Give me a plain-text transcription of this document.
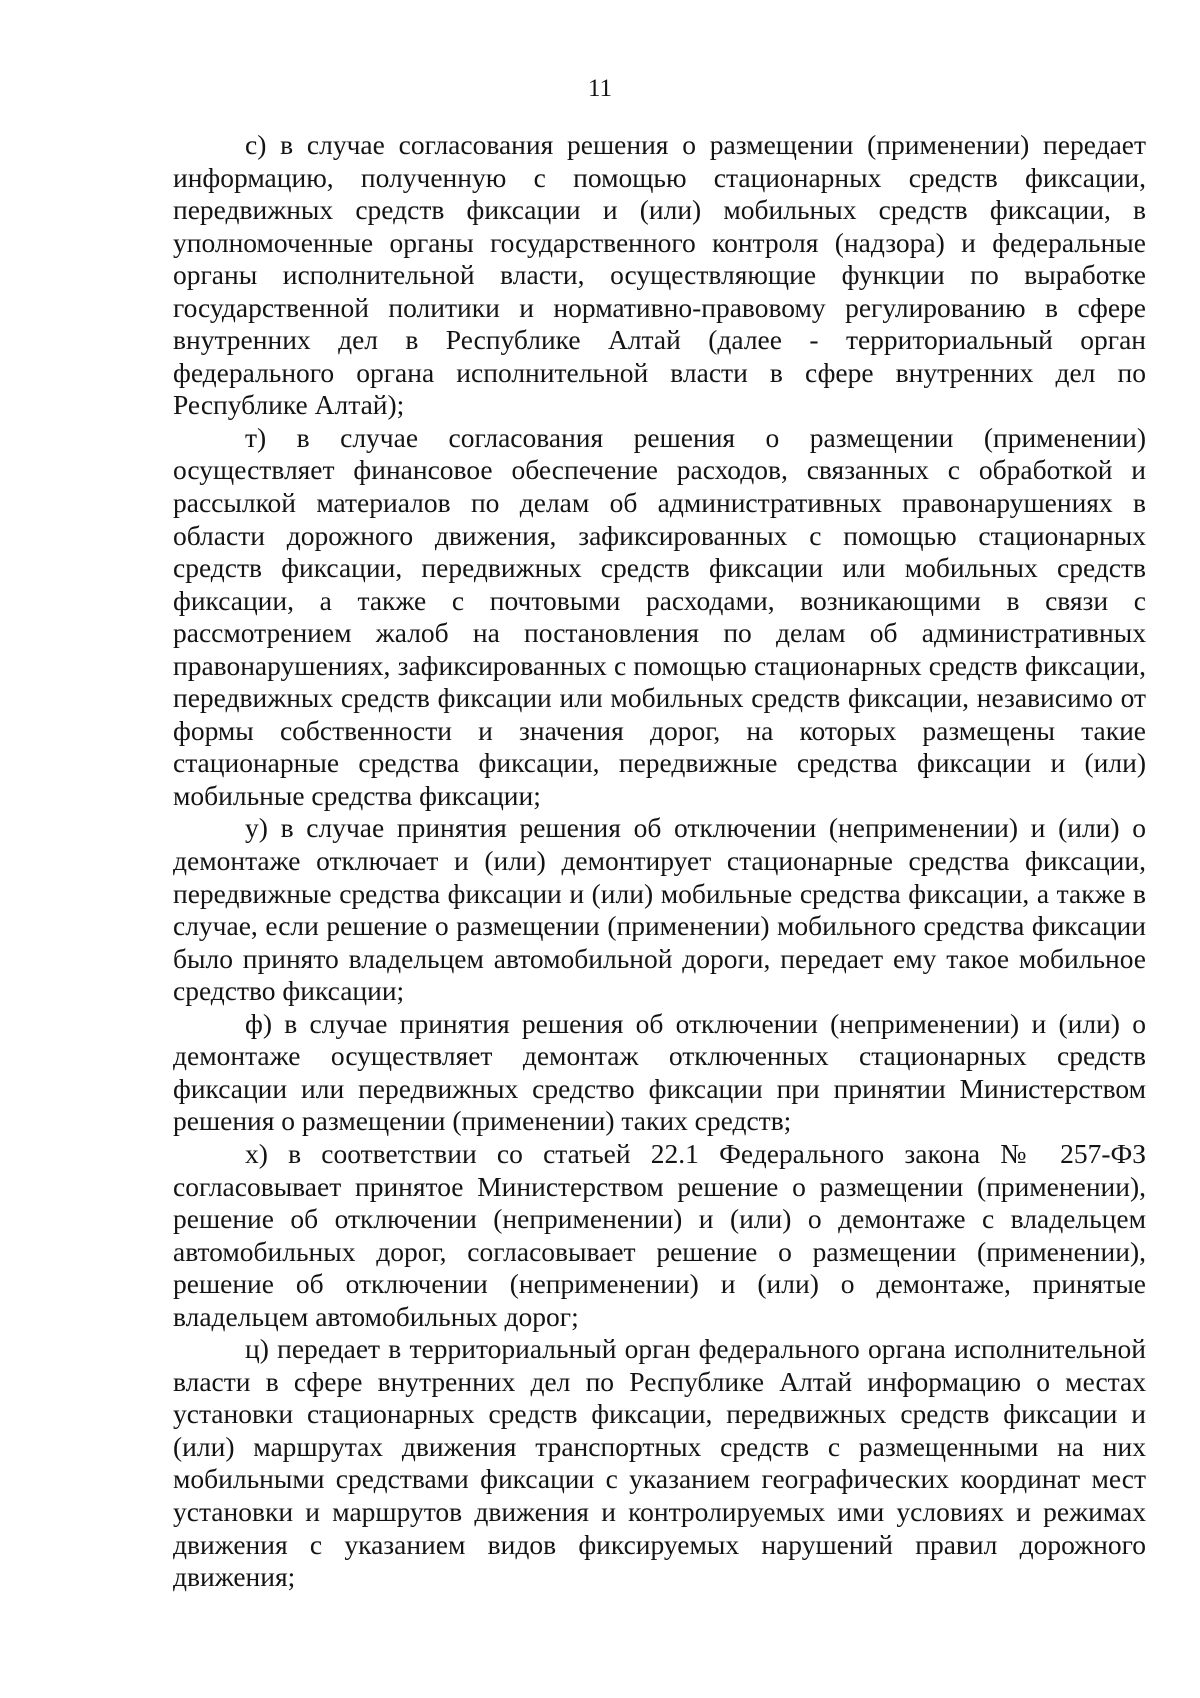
11

с) в случае согласования решения о размещении (применении) передает информацию, полученную с помощью стационарных средств фиксации, передвижных средств фиксации и (или) мобильных средств фиксации, в уполномоченные органы государственного контроля (надзора) и федеральные органы исполнительной власти, осуществляющие функции по выработке государственной политики и нормативно-правовому регулированию в сфере внутренних дел в Республике Алтай (далее - территориальный орган федерального органа исполнительной власти в сфере внутренних дел по Республике Алтай);

т) в случае согласования решения о размещении (применении) осуществляет финансовое обеспечение расходов, связанных с обработкой и рассылкой материалов по делам об административных правонарушениях в области дорожного движения, зафиксированных с помощью стационарных средств фиксации, передвижных средств фиксации или мобильных средств фиксации, а также с почтовыми расходами, возникающими в связи с рассмотрением жалоб на постановления по делам об административных правонарушениях, зафиксированных с помощью стационарных средств фиксации, передвижных средств фиксации или мобильных средств фиксации, независимо от формы собственности и значения дорог, на которых размещены такие стационарные средства фиксации, передвижные средства фиксации и (или) мобильные средства фиксации;

у) в случае принятия решения об отключении (неприменении) и (или) о демонтаже отключает и (или) демонтирует стационарные средства фиксации, передвижные средства фиксации и (или) мобильные средства фиксации, а также в случае, если решение о размещении (применении) мобильного средства фиксации было принято владельцем автомобильной дороги, передает ему такое мобильное средство фиксации;

ф) в случае принятия решения об отключении (неприменении) и (или) о демонтаже осуществляет демонтаж отключенных стационарных средств фиксации или передвижных средство фиксации при принятии Министерством решения о размещении (применении) таких средств;

х) в соответствии со статьей 22.1 Федерального закона № 257-ФЗ согласовывает принятое Министерством решение о размещении (применении), решение об отключении (неприменении) и (или) о демонтаже с владельцем автомобильных дорог, согласовывает решение о размещении (применении), решение об отключении (неприменении) и (или) о демонтаже, принятые владельцем автомобильных дорог;

ц) передает в территориальный орган федерального органа исполнительной власти в сфере внутренних дел по Республике Алтай информацию о местах установки стационарных средств фиксации, передвижных средств фиксации и (или) маршрутах движения транспортных средств с размещенными на них мобильными средствами фиксации с указанием географических координат мест установки и маршрутов движения и контролируемых ими условиях и режимах движения с указанием видов фиксируемых нарушений правил дорожного движения;
